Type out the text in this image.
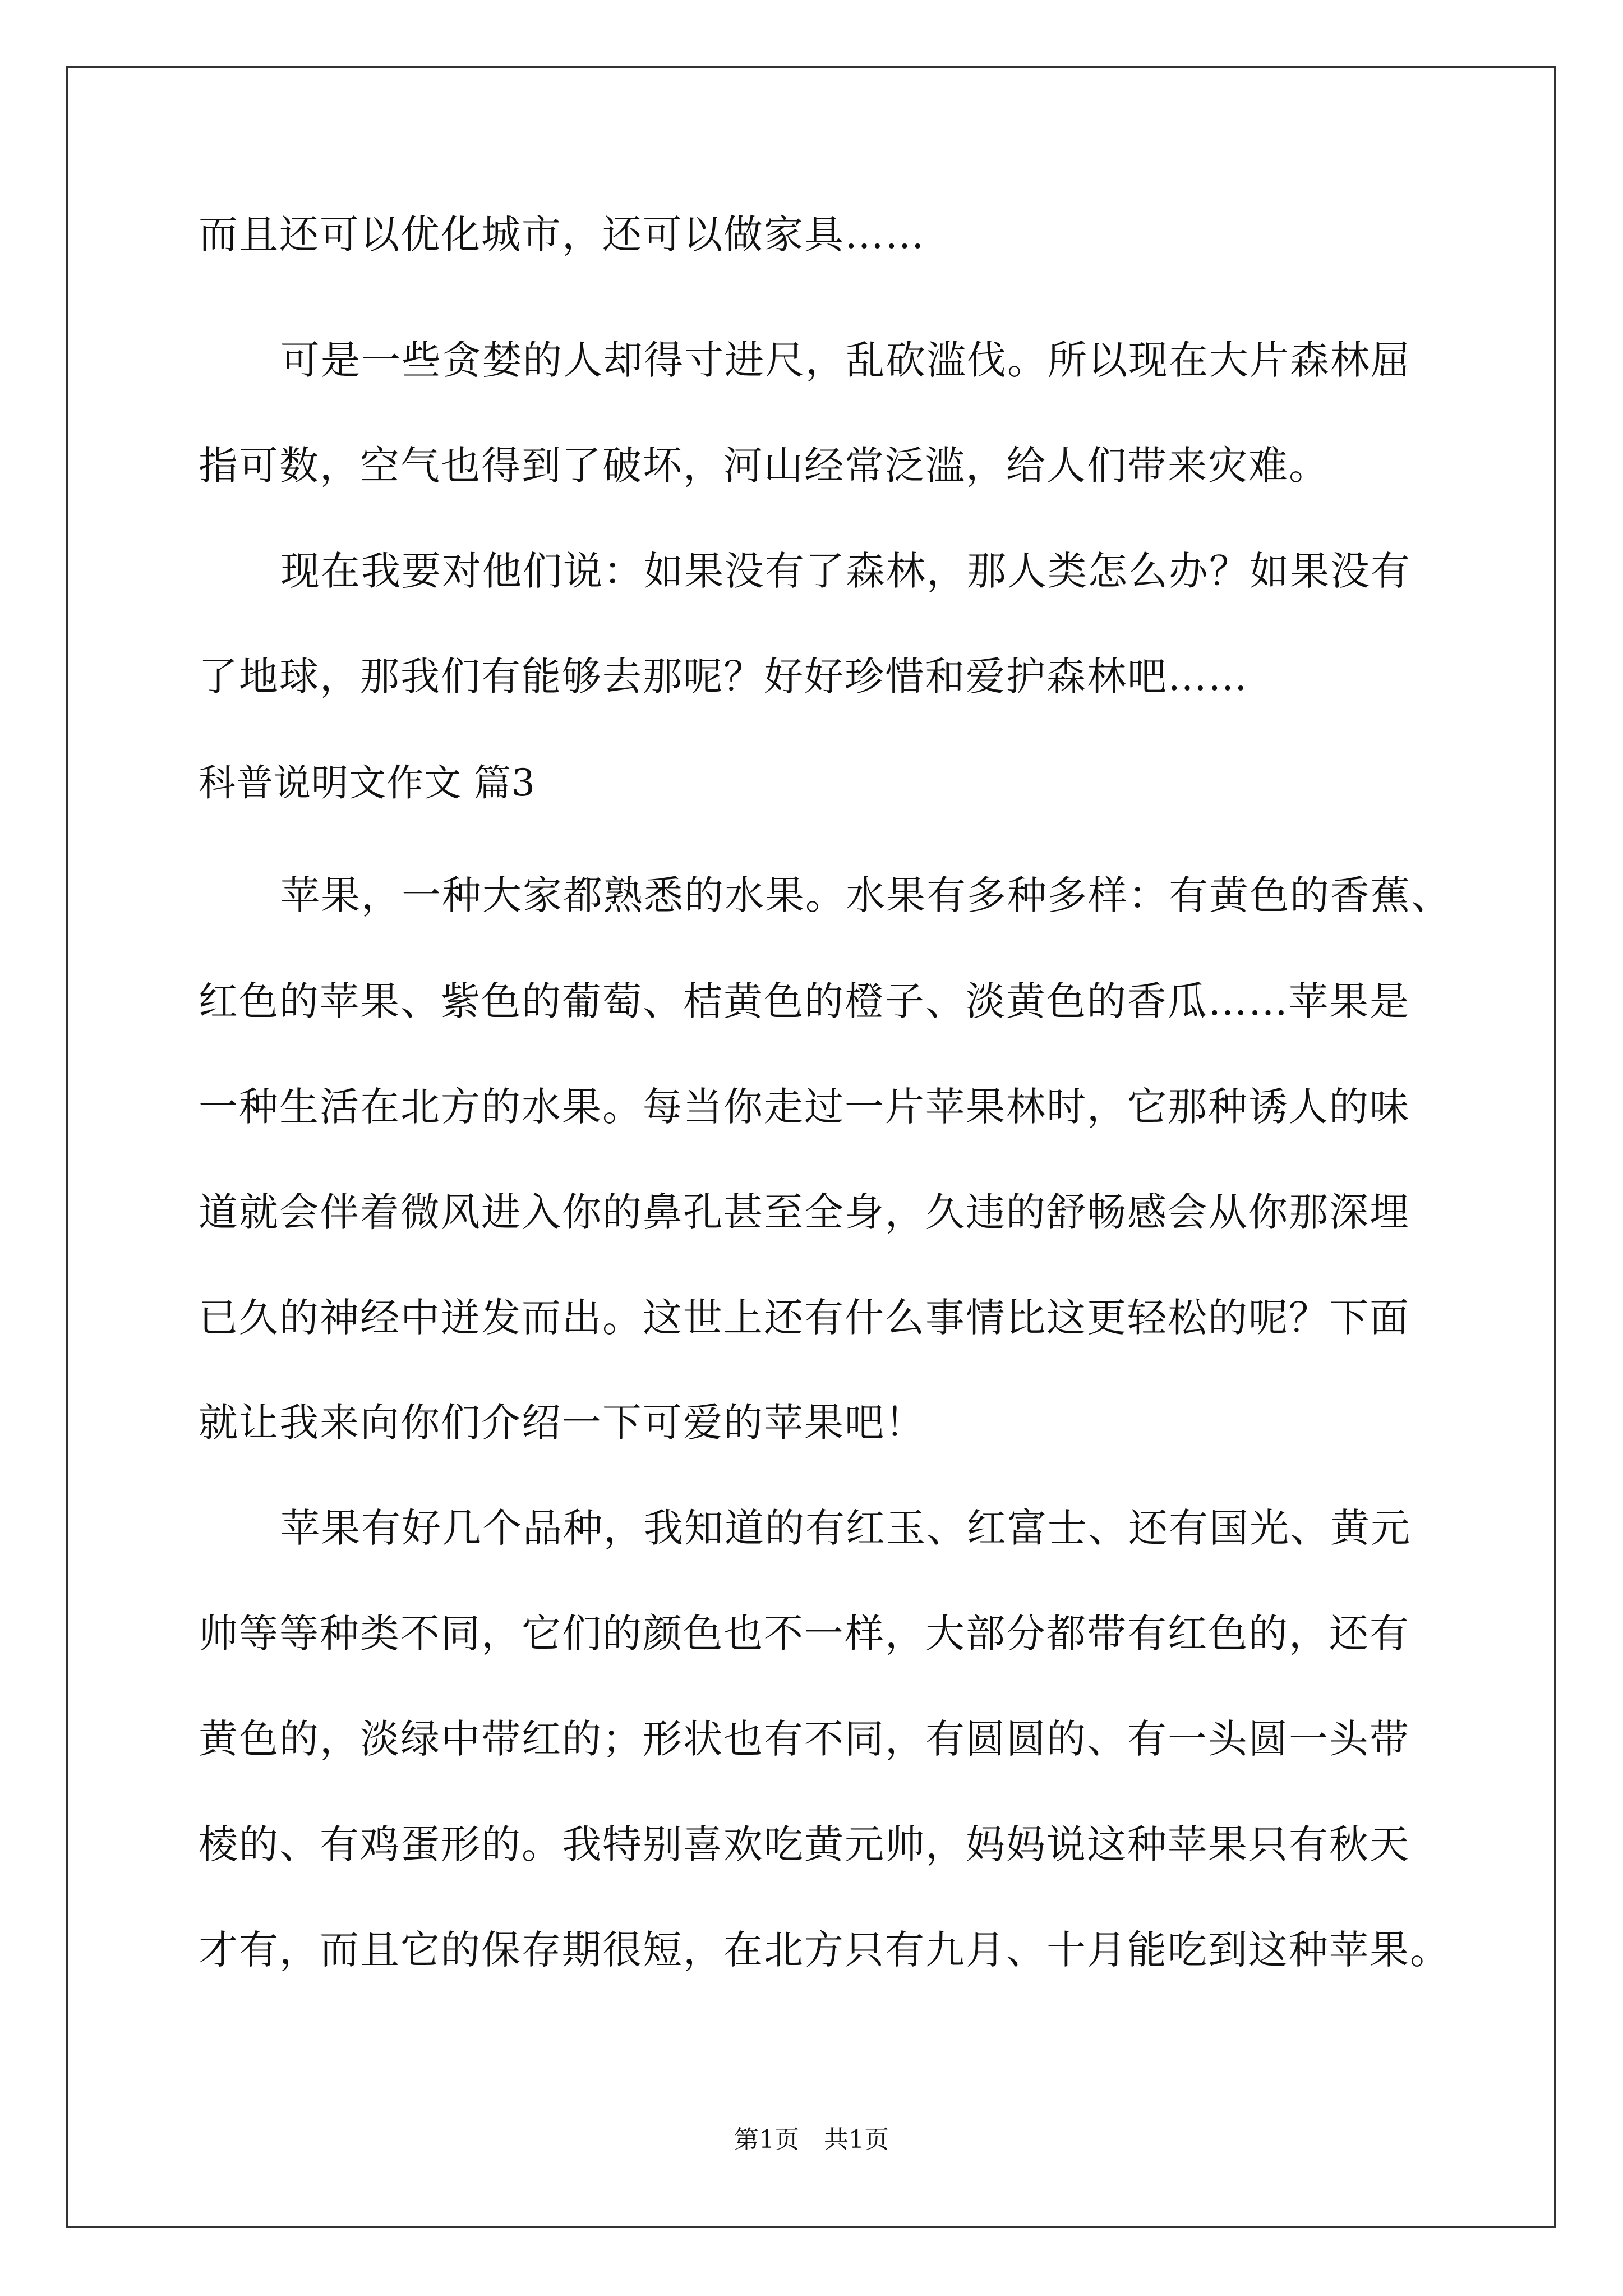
而且还可以优化城市，还可以做家具……
可是一些贪婪的人却得寸进尺，乱砍滥伐。所以现在大片森林屈
指可数，空气也得到了破坏，河山经常泛滥，给人们带来灾难。
现在我要对他们说：如果没有了森林，那人类怎么办？如果没有
了地球，那我们有能够去那呢？好好珍惜和爱护森林吧……
科普说明文作文 篇3
苹果，一种大家都熟悉的水果。水果有多种多样：有黄色的香蕉、
红色的苹果、紫色的葡萄、桔黄色的橙子、淡黄色的香瓜……苹果是
一种生活在北方的水果。每当你走过一片苹果林时，它那种诱人的味
道就会伴着微风进入你的鼻孔甚至全身，久违的舒畅感会从你那深埋
已久的神经中迸发而出。这世上还有什么事情比这更轻松的呢？下面
就让我来向你们介绍一下可爱的苹果吧！
苹果有好几个品种，我知道的有红玉、红富士、还有国光、黄元
帅等等种类不同，它们的颜色也不一样，大部分都带有红色的，还有
黄色的，淡绿中带红的；形状也有不同，有圆圆的、有一头圆一头带
棱的、有鸡蛋形的。我特别喜欢吃黄元帅，妈妈说这种苹果只有秋天
才有，而且它的保存期很短，在北方只有九月、十月能吃到这种苹果。
第1页　共1页
